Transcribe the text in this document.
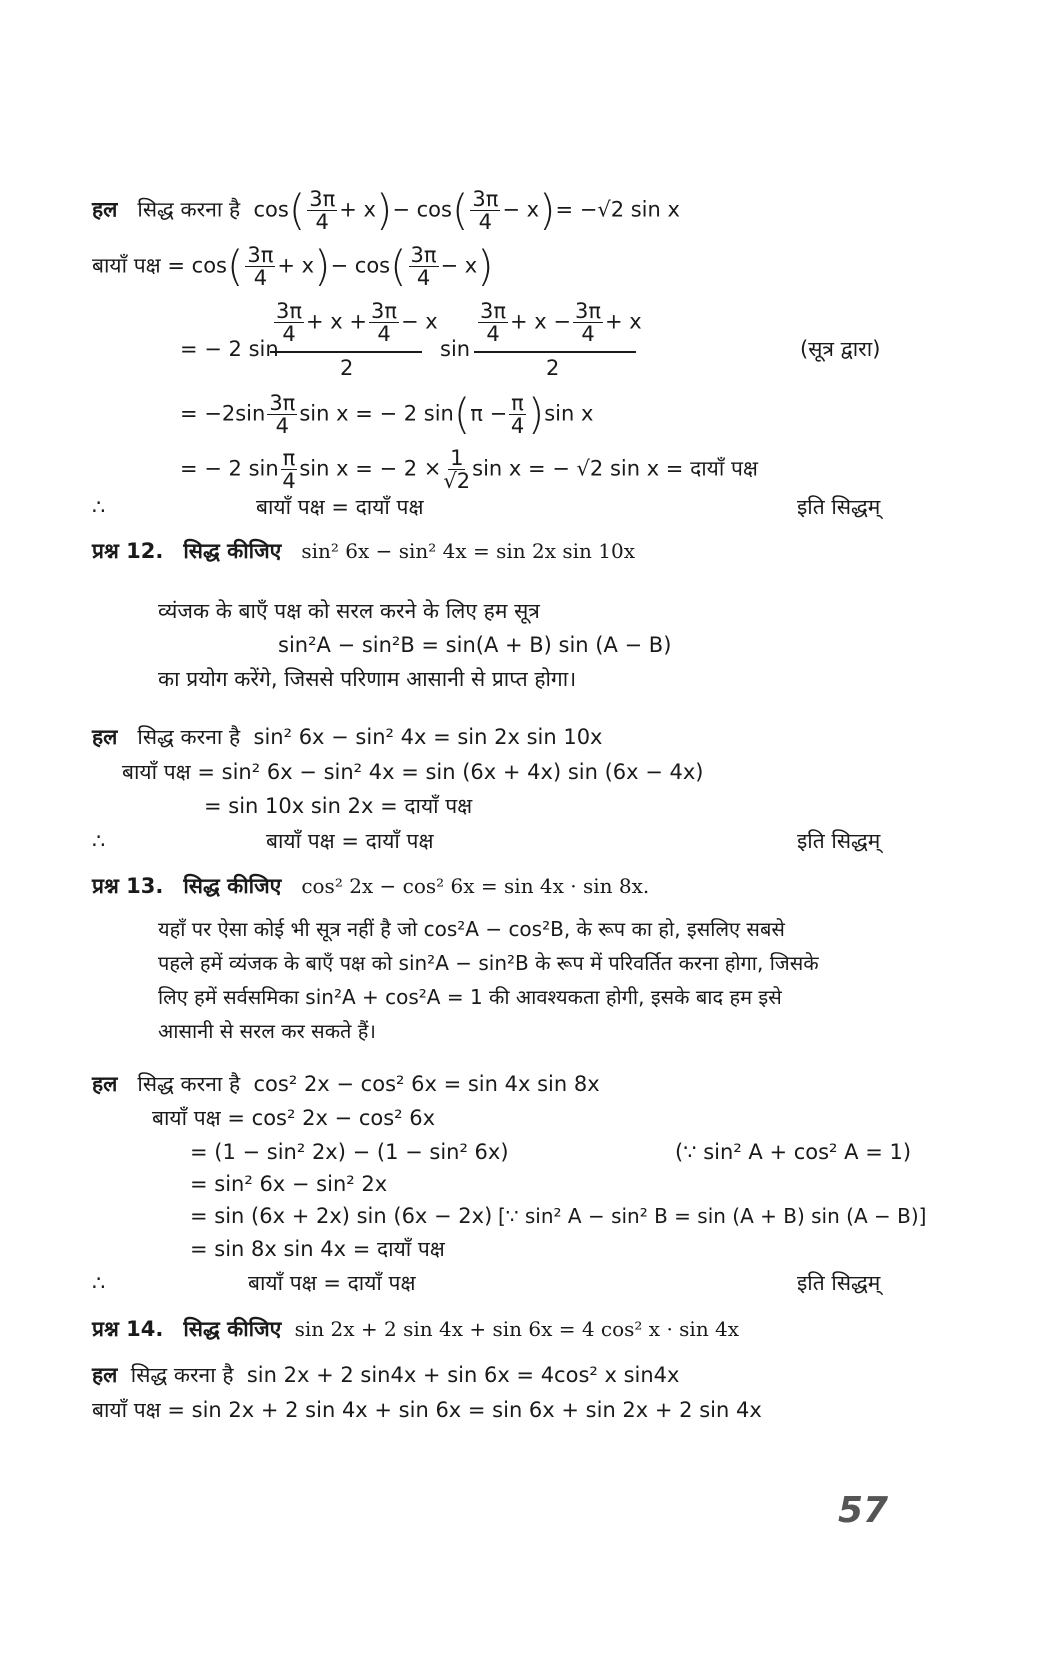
हल सिद्ध करना है  $\cos( \frac{3\pi}{4} + x)- \cos( \frac{3\pi}{4} - x)= -√2$ sin x
बायाँ पक्ष = $\cos( \frac{3\pi}{4} + x)- \cos( \frac{3\pi}{4} - x)$
$\frac{3\pi}{4} + x + \frac{3\pi}{4} - x \frac{3\pi}{4} + x - \frac{3\pi}{4} + x$
= − 2 sin	sin
2	2
(सूत्र द्वारा)
= $-2\sin \frac{3\pi}{4}$ sin x = − 2 $\sin(\pi - \frac{\pi}{4} )\sin$ x
= − 2 $\sin \frac{\pi}{4}$ sin x = − $2 \times \frac{1}{√2}$ sin x = − √2 sin x = दायाँ पक्ष
∴	बायाँ पक्ष = दायाँ पक्ष	इति सिद्धम्
प्रश्न 12. सिद्ध कीजिए sin² 6x − sin² 4x = sin 2x sin 10x
व्यंजक के बाएँ पक्ष को सरल करने के लिए हम सूत्र
sin²A − sin²B = sin(A + B) sin (A − B)
का प्रयोग करेंगे, जिससे परिणाम आसानी से प्राप्त होगा।
हल सिद्ध करना है sin² 6x − sin² 4x = sin 2x sin 10x
बायाँ पक्ष = sin² 6x − sin² 4x = sin (6x + 4x) sin (6x − 4x)
= sin 10x sin 2x = दायाँ पक्ष
∴	बायाँ पक्ष = दायाँ पक्ष	इति सिद्धम्
प्रश्न 13. सिद्ध कीजिए cos² 2x − cos² 6x = sin 4x · sin 8x.
यहाँ पर ऐसा कोई भी सूत्र नहीं है जो cos²A − cos²B, के रूप का हो, इसलिए सबसे
पहले हमें व्यंजक के बाएँ पक्ष को sin²A − sin²B के रूप में परिवर्तित करना होगा, जिसके
लिए हमें सर्वसमिका sin²A + cos²A = 1 की आवश्यकता होगी, इसके बाद हम इसे
आसानी से सरल कर सकते हैं।
हल सिद्ध करना है cos² 2x − cos² 6x = sin 4x sin 8x
बायाँ पक्ष = cos² 2x − cos² 6x
= (1 − sin² 2x) − (1 − sin² 6x)	(∵ sin² A + cos² A = 1)
= sin² 6x − sin² 2x
= sin (6x + 2x) sin (6x − 2x) [∵ sin² A − sin² B = sin (A + B) sin (A − B)]
= sin 8x sin 4x = दायाँ पक्ष
∴	बायाँ पक्ष = दायाँ पक्ष	इति सिद्धम्
प्रश्न 14. सिद्ध कीजिए sin 2x + 2 sin 4x + sin 6x = 4 cos² x · sin 4x
हल सिद्ध करना है sin 2x + 2 sin4x + sin 6x = 4cos² x sin4x
बायाँ पक्ष = sin 2x + 2 sin 4x + sin 6x = sin 6x + sin 2x + 2 sin 4x
57
